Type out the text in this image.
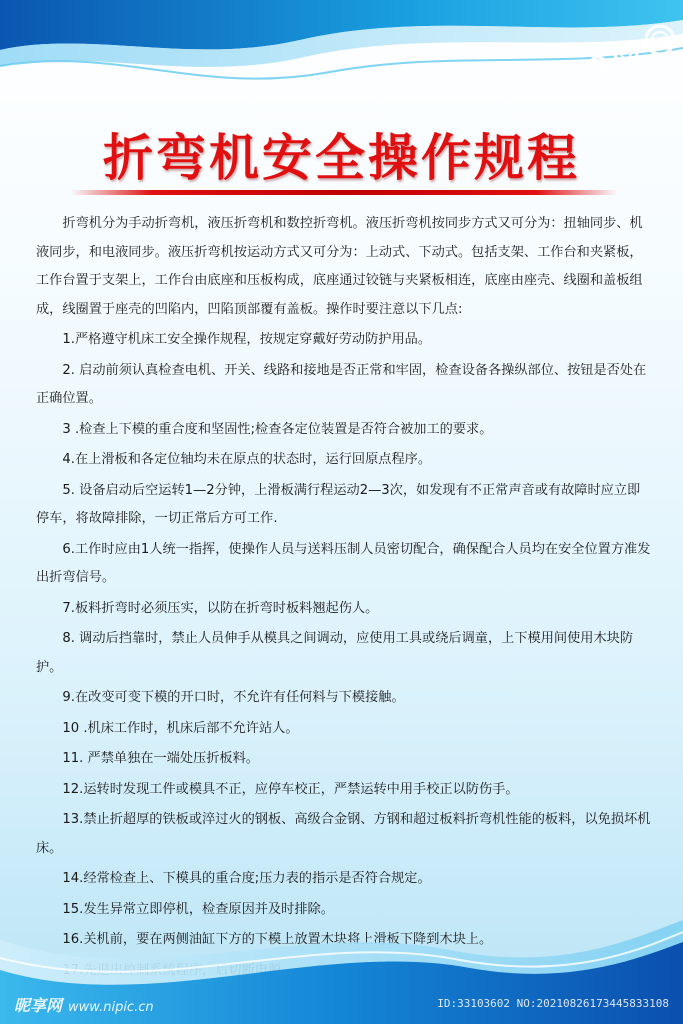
折弯机安全操作规程

折弯机分为手动折弯机，液压折弯机和数控折弯机。液压折弯机按同步方式又可分为：扭轴同步、机液同步，和电液同步。液压折弯机按运动方式又可分为：上动式、下动式。包括支架、工作台和夹紧板，工作台置于支架上，工作台由底座和压板构成，底座通过铰链与夹紧板相连，底座由座壳、线圈和盖板组成，线圈置于座壳的凹陷内，凹陷顶部覆有盖板。操作时要注意以下几点:

1.严格遵守机床工安全操作规程，按规定穿戴好劳动防护用品。

2. 启动前须认真检查电机、开关、线路和接地是否正常和牢固，检查设备各操纵部位、按钮是否处在正确位置。

3 .检查上下模的重合度和坚固性;检查各定位装置是否符合被加工的要求。

4.在上滑板和各定位轴均未在原点的状态时，运行回原点程序。

5. 设备启动后空运转1—2分钟，上滑板满行程运动2—3次，如发现有不正常声音或有故障时应立即停车，将故障排除，一切正常后方可工作.

6.工作时应由1人统一指挥，使操作人员与送料压制人员密切配合，确保配合人员均在安全位置方准发出折弯信号。

7.板料折弯时必须压实，以防在折弯时板料翘起伤人。

8. 调动后挡靠时，禁止人员伸手从模具之间调动，应使用工具或绕后调童，上下模用间使用木块防护。

9.在改变可变下模的开口时，不允许有任何料与下模接触。

10 .机床工作时，机床后部不允许站人。

11. 严禁单独在一端处压折板料。

12.运转时发现工件或模具不正，应停车校正，严禁运转中用手校正以防伤手。

13.禁止折超厚的铁板或淬过火的钢板、高级合金钢、方钢和超过板料折弯机性能的板料，以免损坏机床。

14.经常检查上、下模具的重合度;压力表的指示是否符合规定。

15.发生异常立即停机，检查原因并及时排除。

16.关机前，要在两侧油缸下方的下模上放置木块将上滑板下降到木块上。

昵享网 www.nipic.cn	ID:33103602 NO:20210826173445833108
